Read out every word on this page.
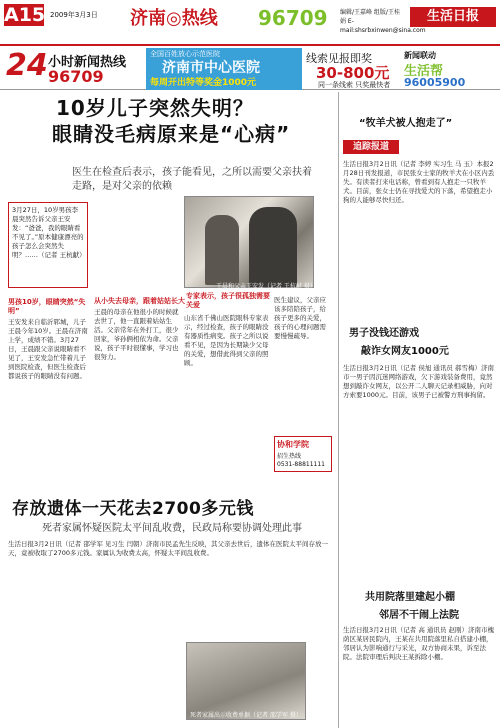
A15 2009年3月3日 济南◎热线 96709 编辑/王嘉峰 组版/王桂娟 E-mail:shsrbxinwen@sina.com
生活日报
24 小时新闻热线
96709
全国百姓放心示范医院
济南市中心医院
每周开出特等奖金1000元
线索见报即奖
30-800元
同一条线索 只奖最快者
新闻联动
生活帮
96005900
10岁儿子突然失明？
眼睛没毛病原来是“心病”
医生在检查后表示，孩子能看见，之所以需要父亲扶着走路，是对父亲的依赖
3月27日，10岁男孩李晨突然告诉父亲王安发：“爸爸，我的眼睛看不见了。”原本健康漂亮的孩子怎么会突然失明？……（记者 王杭献）
王晨和父亲王安发（记者 王杭献 摄）
男孩10岁，眼睛突然“失明”
王安发来自临沂郓城，儿子王晨今年10岁。王晨在济南上学，成绩不错。3月27日，王晨跟父亲说眼睛看不见了，王安发急忙带着儿子到医院检查，但医生检查后都说孩子的眼睛没有问题。
从小失去母亲，跟着姑姑长大
王晨的母亲在他很小的时候就去世了，他一直跟着姑姑生活。父亲常年在外打工，很少回家，爷孙俩相依为命。父亲说，孩子平时很懂事，学习也很努力。
专家表示，孩子很孤独需要关爱
山东省千佛山医院眼科专家表示，经过检查，孩子的眼睛没有器质性病变。孩子之所以说看不见，是因为长期缺少父母的关爱，想借此得到父亲的照顾。
医生建议，父亲应该多陪陪孩子，给孩子更多的关爱，孩子的心理问题需要慢慢疏导。
协和学院
招生热线
0531-88811111
存放遗体一天花去2700多元钱
死者家属怀疑医院太平间乱收费，民政局称要协调处理此事
生活日报3月2日讯（记者 邵学军 见习生 闫朝）济南市民孟先生反映，其父亲去世后，遗体在医院太平间存放一天，竟被收取了2700多元钱。家属认为收费太高，怀疑太平间乱收费。
死者家属出示收费单据（记者 邵学军 摄）
“牧羊犬被人抱走了”
追踪报道
生活日报3月2日讯（记者 李婷 实习生 马 玉）本报2月28日刊发报道，市民张女士家的牧羊犬在小区内丢失。有读者打来电话称，曾看到有人抱走一只牧羊犬。目前，张女士仍在寻找爱犬的下落，希望抱走小狗的人能够尽快归还。
男子没钱还游戏
敲诈女网友1000元
生活日报3月2日讯（记者 侯旭 通讯员 郝雪梅）济南市一男子因沉迷网络游戏，欠下游戏装备费用，竟然想到敲诈女网友，以公开二人聊天记录相威胁，向对方索要1000元。目前，该男子已被警方刑事拘留。
共用院落里建起小棚
邻居不干闹上法院
生活日报3月2日讯（记者 高 通讯员 赵刚）济南市槐荫区某居民院内，王某在共用院落里私自搭建小棚，邻居认为影响通行与采光，双方协商未果，诉至法院。法院审理后判决王某拆除小棚。
